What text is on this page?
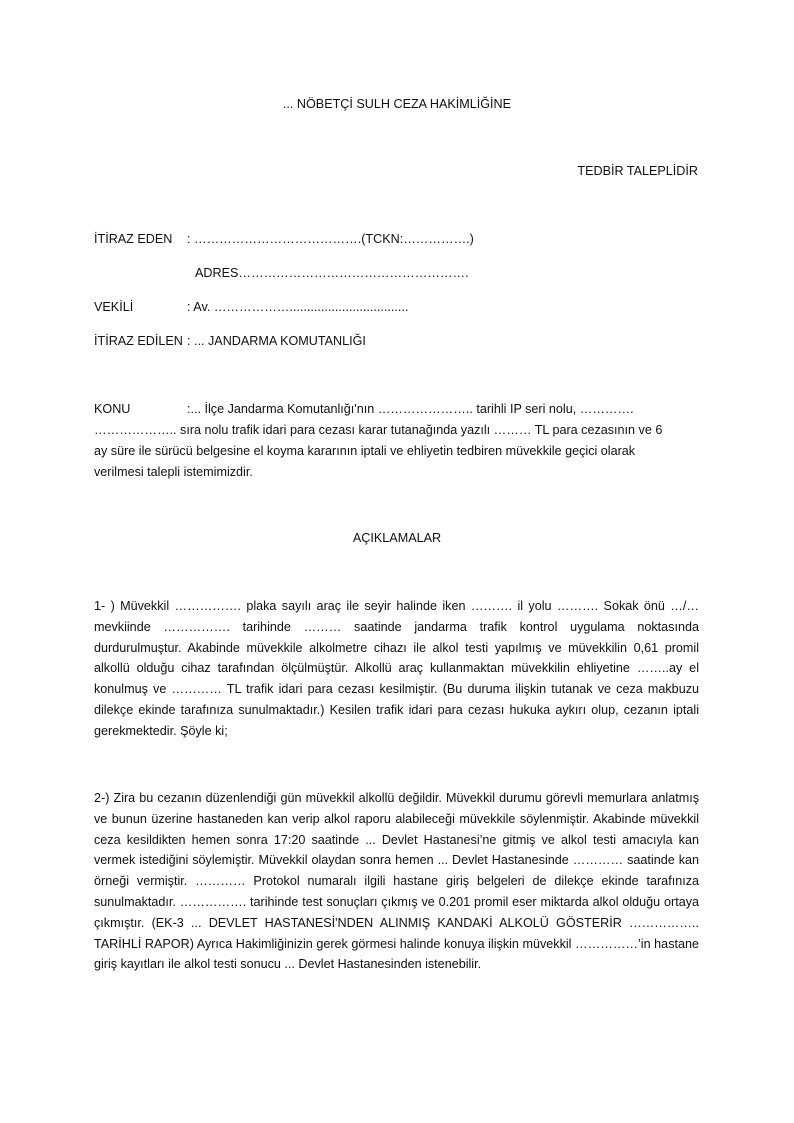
... NÖBETÇİ SULH CEZA HAKİMLİĞİNE
TEDBİR TALEPLİDİR
İTİRAZ EDEN : ………………………………….(TCKN:…………….)
ADRES……………………………………………….
VEKİLİ	: Av. ………………..................................
İTİRAZ EDİLEN : ... JANDARMA KOMUTANLIĞI
KONU	:... İlçe Jandarma Komutanlığı'nın ………………….. tarihli IP seri nolu, ………….
……………….. sıra nolu trafik idari para cezası karar tutanağında yazılı ……… TL para cezasının ve 6 ay süre ile sürücü belgesine el koyma kararının iptali ve ehliyetin tedbiren müvekkile geçici olarak verilmesi talepli istemimizdir.
AÇIKLAMALAR
1- ) Müvekkil ……………. plaka sayılı araç ile seyir halinde iken ………. il yolu ………. Sokak önü …/… mevkiinde ……………. tarihinde ……… saatinde jandarma trafik kontrol uygulama noktasında durdurulmuştur. Akabinde müvekkile alkolmetre cihazı ile alkol testi yapılmış ve müvekkilin 0,61 promil alkollü olduğu cihaz tarafından ölçülmüştür. Alkollü araç kullanmaktan müvekkilin ehliyetine ……..ay el konulmuş ve ………… TL trafik idari para cezası kesilmiştir. (Bu duruma ilişkin tutanak ve ceza makbuzu dilekçe ekinde tarafınıza sunulmaktadır.) Kesilen trafik idari para cezası hukuka aykırı olup, cezanın iptali gerekmektedir. Şöyle ki;
2-) Zira bu cezanın düzenlendiği gün müvekkil alkollü değildir. Müvekkil durumu görevli memurlara anlatmış ve bunun üzerine hastaneden kan verip alkol raporu alabileceği müvekkile söylenmiştir. Akabinde müvekkil ceza kesildikten hemen sonra 17:20 saatinde ... Devlet Hastanesi’ne gitmiş ve alkol testi amacıyla kan vermek istediğini söylemiştir. Müvekkil olaydan sonra hemen ... Devlet Hastanesinde ………… saatinde kan örneği vermiştir. ………… Protokol numaralı ilgili hastane giriş belgeleri de dilekçe ekinde tarafınıza sunulmaktadır. ……………. tarihinde test sonuçları çıkmış ve 0.201 promil eser miktarda alkol olduğu ortaya çıkmıştır. (EK-3 ... DEVLET HASTANESİ'NDEN ALINMIŞ KANDAKİ ALKOLÜ GÖSTERİR …………….. TARİHLİ RAPOR) Ayrıca Hakimliğinizin gerek görmesi halinde konuya ilişkin müvekkil ……………’in hastane giriş kayıtları ile alkol testi sonucu ... Devlet Hastanesinden istenebilir.
